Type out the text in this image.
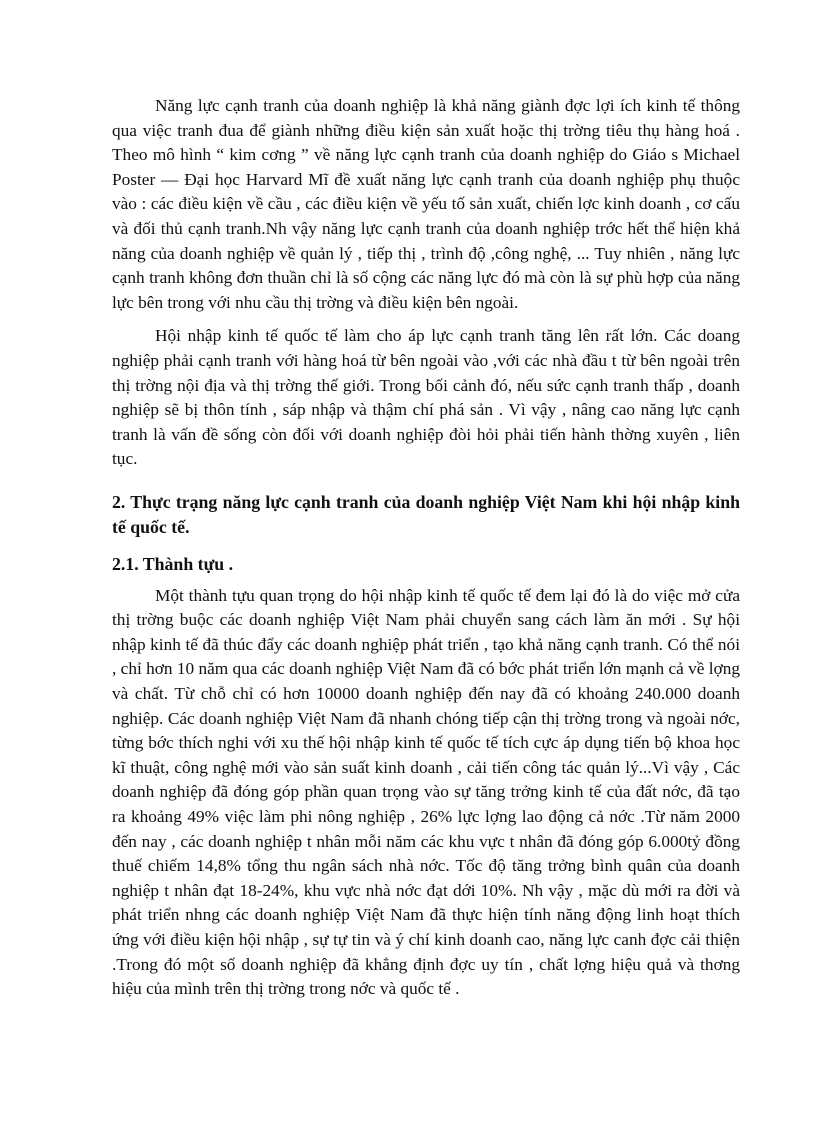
Năng lực cạnh tranh của doanh nghiệp là khả năng giành đợc lợi ích kinh tế thông qua việc tranh đua để giành những điều kiện sản xuất hoặc thị trờng tiêu thụ hàng hoá . Theo mô hình “ kim cơng ” về năng lực cạnh tranh của doanh nghiệp do Giáo s Michael Poster — Đại học Harvard Mĩ đề xuất năng lực cạnh tranh của doanh nghiệp phụ thuộc vào : các điều kiện về cầu , các điều kiện về yếu tố sản xuất, chiến lợc kinh doanh , cơ cấu và đối thủ cạnh tranh.Nh vậy năng lực cạnh tranh của doanh nghiệp trớc hết thể hiện khả năng của doanh nghiệp về quản lý , tiếp thị , trình độ ,công nghệ, ... Tuy nhiên , năng lực cạnh tranh không đơn thuần chỉ là số cộng các năng lực đó mà còn là sự phù hợp của năng lực bên trong với nhu cầu thị trờng và điều kiện bên ngoài.

Hội nhập kinh tế quốc tế làm cho áp lực cạnh tranh tăng lên rất lớn. Các doang nghiệp phải cạnh tranh với hàng hoá từ bên ngoài vào ,với các nhà đầu t từ bên ngoài trên thị trờng nội địa và thị trờng thế giới. Trong bối cảnh đó, nếu sức cạnh tranh thấp , doanh nghiệp sẽ bị thôn tính , sáp nhập và thậm chí phá sản . Vì vậy , nâng cao năng lực cạnh tranh là vấn đề sống còn đối với doanh nghiệp đòi hỏi phải tiến hành thờng xuyên , liên tục.

2. Thực trạng năng lực cạnh tranh của doanh nghiệp Việt Nam khi hội nhập kinh tế quốc tế.
2.1. Thành tựu .

Một thành tựu quan trọng do hội nhập kinh tế quốc tế đem lại đó là do việc mở cửa thị trờng buộc các doanh nghiệp Việt Nam phải chuyển sang cách làm ăn mới . Sự hội nhập kinh tế đã thúc đẩy các doanh nghiệp phát triển , tạo khả năng cạnh tranh. Có thể nói , chỉ hơn 10 năm qua các doanh nghiệp Việt Nam đã có bớc phát triển lớn mạnh cả về lợng và chất. Từ chỗ chỉ có hơn 10000 doanh nghiệp đến nay đã có khoảng 240.000 doanh nghiệp. Các doanh nghiệp Việt Nam đã nhanh chóng tiếp cận thị trờng trong và ngoài nớc, từng bớc thích nghi với xu thế hội nhập kinh tế quốc tế tích cực áp dụng tiến bộ khoa học kĩ thuật, công nghệ mới vào sản suất kinh doanh , cải tiến công tác quản lý...Vì vậy , Các doanh nghiệp đã đóng góp phần quan trọng vào sự tăng trởng kinh tế của đất nớc, đã tạo ra khoảng 49% việc làm phi nông nghiệp , 26% lực lợng lao động cả nớc .Từ năm 2000 đến nay , các doanh nghiệp t nhân mỗi năm các khu vực t nhân đã đóng góp 6.000tỷ đồng thuế chiếm 14,8% tổng thu ngân sách nhà nớc. Tốc độ tăng trởng bình quân của doanh nghiệp t nhân đạt 18-24%, khu vực nhà nớc đạt dới 10%. Nh vậy , mặc dù mới ra đời và phát triển nhng các doanh nghiệp Việt Nam đã thực hiện tính năng động linh hoạt thích ứng với điều kiện hội nhập , sự tự tin và ý chí kinh doanh cao, năng lực canh đợc cải thiện .Trong đó một số doanh nghiệp đã khẳng định đợc uy tín , chất lợng hiệu quả và thơng hiệu của mình trên thị trờng trong nớc và quốc tế .
